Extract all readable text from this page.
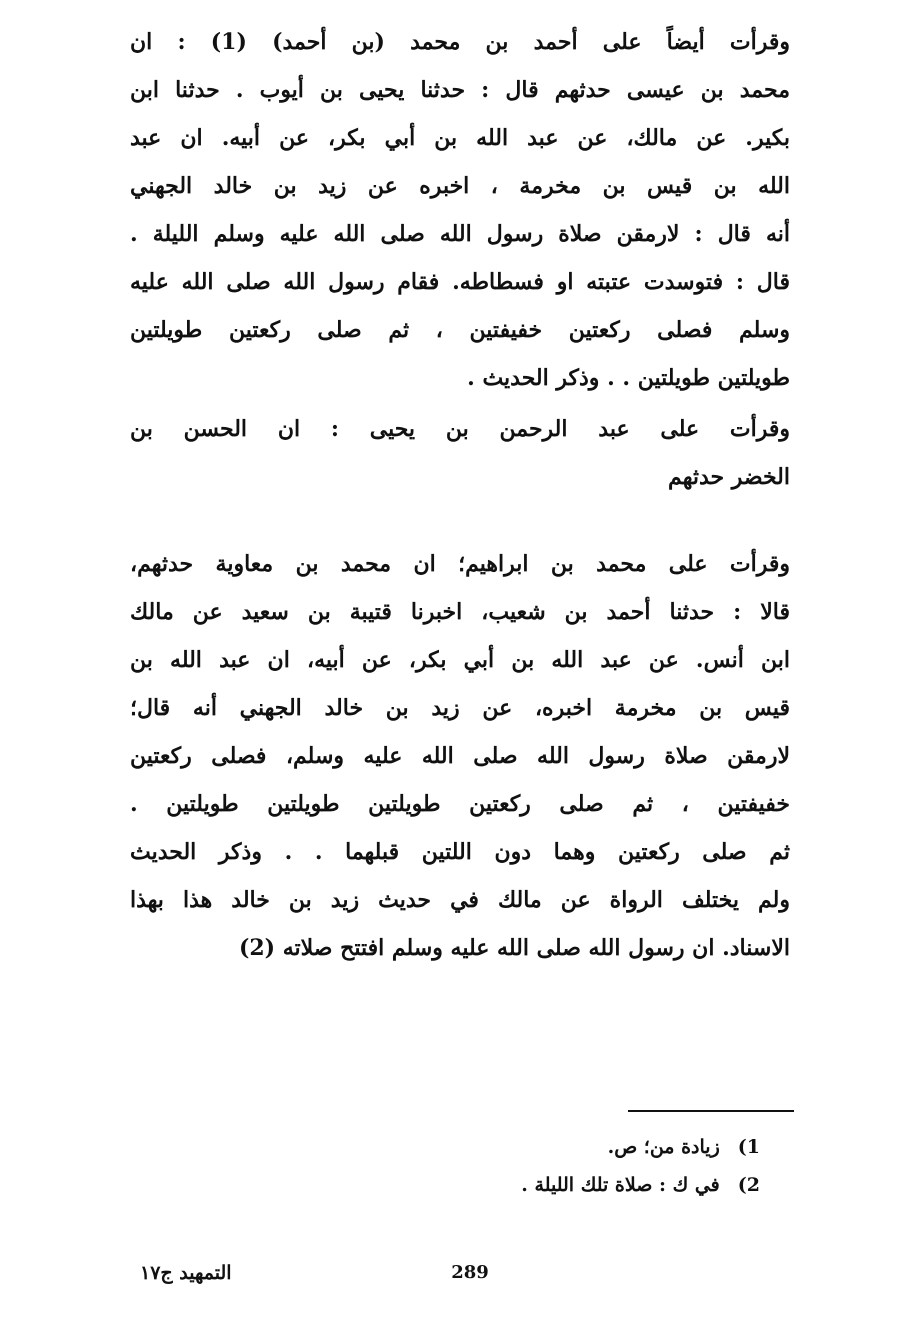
وقرأت أيضاً على أحمد بن محمد (بن أحمد) (1) : ان
محمد بن عيسى حدثهم قال : حدثنا يحيى بن أيوب . حدثنا ابن
بكير. عن مالك، عن عبد الله بن أبي بكر، عن أبيه. ان عبد
الله بن قيس بن مخرمة ، اخبره عن زيد بن خالد الجهني
أنه قال : لارمقن صلاة رسول الله صلى الله عليه وسلم الليلة .
قال : فتوسدت عتبته او فسطاطه. فقام رسول الله صلى الله عليه
وسلم فصلى ركعتين خفيفتين ، ثم صلى ركعتين طويلتين
طويلتين طويلتين . . وذكر الحديث .
وقرأت على عبد الرحمن بن يحيى : ان الحسن بن
الخضر حدثهم
وقرأت على محمد بن ابراهيم؛ ان محمد بن معاوية حدثهم،
قالا : حدثنا أحمد بن شعيب، اخبرنا قتيبة بن سعيد عن مالك
ابن أنس. عن عبد الله بن أبي بكر، عن أبيه، ان عبد الله بن
قيس بن مخرمة اخبره، عن زيد بن خالد الجهني أنه قال؛
لارمقن صلاة رسول الله صلى الله عليه وسلم، فصلى ركعتين
خفيفتين ، ثم صلى ركعتين طويلتين طويلتين طويلتين .
ثم صلى ركعتين وهما دون اللتين قبلهما . . وذكر الحديث
ولم يختلف الرواة عن مالك في حديث زيد بن خالد هذا بهذا
الاسناد. ان رسول الله صلى الله عليه وسلم افتتح صلاته (2)
1)زيادة من؛ ص.
2)في ك : صلاة تلك الليلة .
289
التمهيد ج١٧
